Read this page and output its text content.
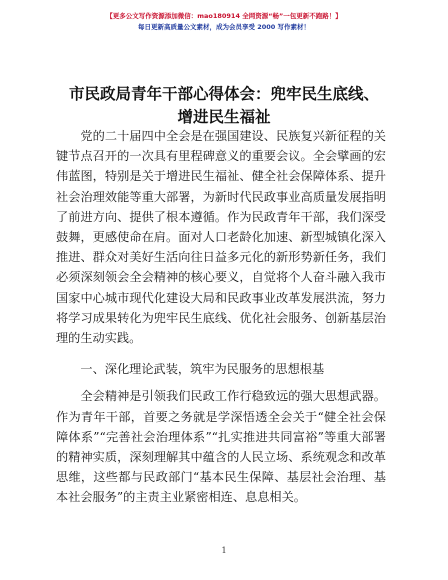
【更多公文写作资源添加微信：mao180914 全网资源“畅”一包更新不跑路！】
每日更新高质量公文素材，成为会员享受 2000 写作素材！
市民政局青年干部心得体会：兜牢民生底线、
增进民生福祉

党的二十届四中全会是在强国建设、民族复兴新征程的关键节点召开的一次具有里程碑意义的重要会议。全会擘画的宏伟蓝图，特别是关于增进民生福祉、健全社会保障体系、提升社会治理效能等重大部署，为新时代民政事业高质量发展指明了前进方向、提供了根本遵循。作为民政青年干部，我们深受鼓舞，更感使命在肩。面对人口老龄化加速、新型城镇化深入推进、群众对美好生活向往日益多元化的新形势新任务，我们必须深刻领会全会精神的核心要义，自觉将个人奋斗融入我市国家中心城市现代化建设大局和民政事业改革发展洪流，努力将学习成果转化为兜牢民生底线、优化社会服务、创新基层治理的生动实践。

一、深化理论武装，筑牢为民服务的思想根基

全会精神是引领我们民政工作行稳致远的强大思想武器。作为青年干部，首要之务就是学深悟透全会关于“健全社会保障体系”“完善社会治理体系”“扎实推进共同富裕”等重大部署的精神实质，深刻理解其中蕴含的人民立场、系统观念和改革思维，这些都与民政部门“基本民生保障、基层社会治理、基本社会服务”的主责主业紧密相连、息息相关。

1
